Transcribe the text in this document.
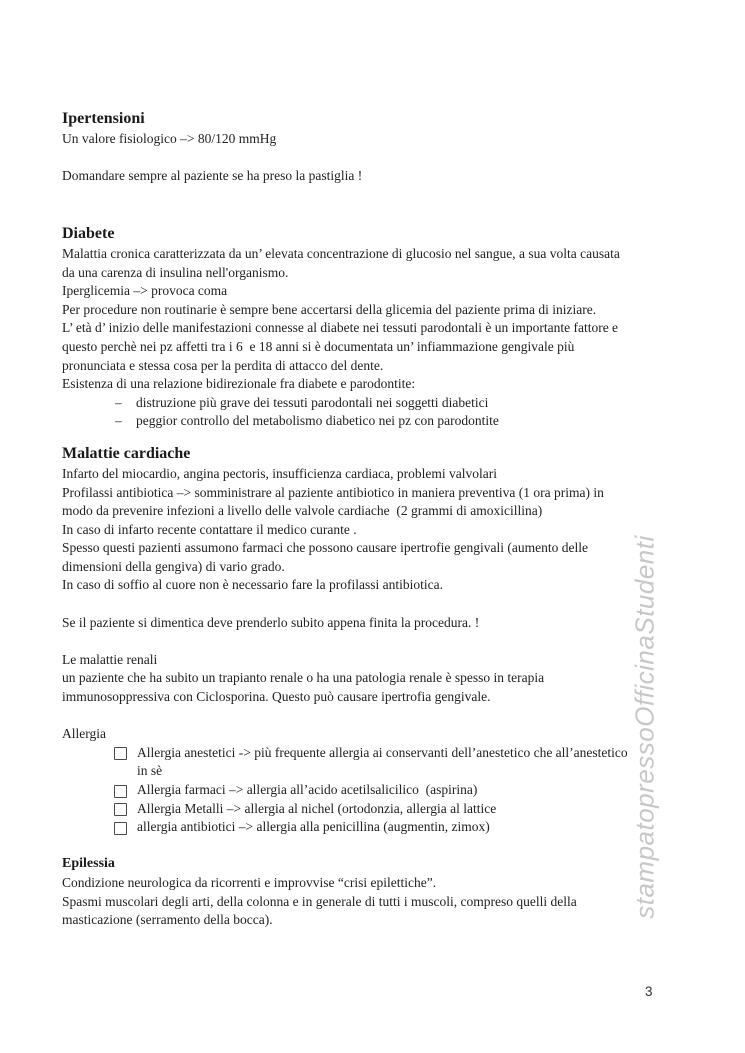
stampatopressoOfficinaStudenti
Ipertensioni
Un valore fisiologico –> 80/120 mmHg
Domandare sempre al paziente se ha preso la pastiglia !
Diabete
Malattia cronica caratterizzata da un’ elevata concentrazione di glucosio nel sangue, a sua volta causata
da una carenza di insulina nell'organismo.
Iperglicemia –> provoca coma
Per procedure non routinarie è sempre bene accertarsi della glicemia del paziente prima di iniziare.
L’ età d’ inizio delle manifestazioni connesse al diabete nei tessuti parodontali è un importante fattore e
questo perchè nei pz affetti tra i 6  e 18 anni si è documentata un’ infiammazione gengivale più
pronunciata e stessa cosa per la perdita di attacco del dente.
Esistenza di una relazione bidirezionale fra diabete e parodontite:
–	distruzione più grave dei tessuti parodontali nei soggetti diabetici
–	peggior controllo del metabolismo diabetico nei pz con parodontite
Malattie cardiache
Infarto del miocardio, angina pectoris, insufficienza cardiaca, problemi valvolari
Profilassi antibiotica –> somministrare al paziente antibiotico in maniera preventiva (1 ora prima) in
modo da prevenire infezioni a livello delle valvole cardiache  (2 grammi di amoxicillina)
In caso di infarto recente contattare il medico curante .
Spesso questi pazienti assumono farmaci che possono causare ipertrofie gengivali (aumento delle
dimensioni della gengiva) di vario grado.
In caso di soffio al cuore non è necessario fare la profilassi antibiotica.
Se il paziente si dimentica deve prenderlo subito appena finita la procedura. !
Le malattie renali
un paziente che ha subito un trapianto renale o ha una patologia renale è spesso in terapia
immunosoppressiva con Ciclosporina. Questo può causare ipertrofia gengivale.
Allergia
Allergia anestetici -> più frequente allergia ai conservanti dell’anestetico che all’anestetico
in sè
Allergia farmaci –> allergia all’acido acetilsalicilico  (aspirina)
Allergia Metalli –> allergia al nichel (ortodonzia, allergia al lattice
allergia antibiotici –> allergia alla penicillina (augmentin, zimox)
Epilessia
Condizione neurologica da ricorrenti e improvvise “crisi epilettiche”.
Spasmi muscolari degli arti, della colonna e in generale di tutti i muscoli, compreso quelli della
masticazione (serramento della bocca).
3
